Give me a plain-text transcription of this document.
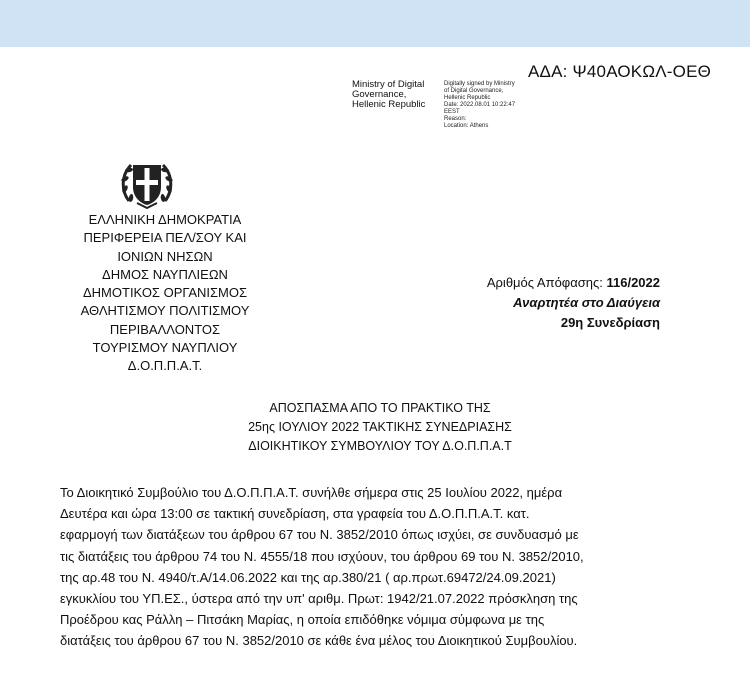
ΑΔΑ: Ψ40ΑΟΚΩΛ-ΟΕΘ
Ministry of Digital
Governance,
Hellenic Republic
Digitally signed by Ministry
of Digital Governance,
Hellenic Republic
Date: 2022.08.01 10:22:47
EEST
Reason:
Location: Athens
ΕΛΛΗΝΙΚΗ ΔΗΜΟΚΡΑΤΙΑ
ΠΕΡΙΦΕΡΕΙΑ ΠΕΛ/ΣΟΥ ΚΑΙ
ΙΟΝΙΩΝ ΝΗΣΩΝ
ΔΗΜΟΣ ΝΑΥΠΛΙΕΩΝ
ΔΗΜΟΤΙΚΟΣ ΟΡΓΑΝΙΣΜΟΣ
ΑΘΛΗΤΙΣΜΟΥ ΠΟΛΙΤΙΣΜΟΥ
ΠΕΡΙΒΑΛΛΟΝΤΟΣ
ΤΟΥΡΙΣΜΟΥ ΝΑΥΠΛΙΟΥ
Δ.Ο.Π.Π.Α.Τ.
Αριθμός Απόφασης: 116/2022
Αναρτητέα στο Διαύγεια
29η Συνεδρίαση
ΑΠΟΣΠΑΣΜΑ ΑΠΟ ΤΟ ΠΡΑΚΤΙΚΟ ΤΗΣ
25ης ΙΟΥΛΙΟΥ 2022 ΤΑΚΤΙΚΗΣ ΣΥΝΕΔΡΙΑΣΗΣ
ΔΙΟΙΚΗΤΙΚΟΥ ΣΥΜΒΟΥΛΙΟΥ ΤΟΥ Δ.Ο.Π.Π.Α.Τ
Το Διοικητικό Συμβούλιο του Δ.Ο.Π.Π.Α.Τ. συνήλθε σήμερα στις 25 Ιουλίου 2022, ημέρα
Δευτέρα και ώρα 13:00 σε τακτική συνεδρίαση, στα γραφεία του Δ.Ο.Π.Π.Α.Τ. κατ.
εφαρμογή των διατάξεων του άρθρου 67 του Ν. 3852/2010 όπως ισχύει, σε συνδυασμό με
τις διατάξεις του άρθρου 74 του Ν. 4555/18 που ισχύουν, του άρθρου 69 του Ν. 3852/2010,
της αρ.48 του Ν. 4940/τ.Α/14.06.2022 και της αρ.380/21 ( αρ.πρωτ.69472/24.09.2021)
εγκυκλίου του ΥΠ.ΕΣ., ύστερα από την υπ' αριθμ. Πρωτ: 1942/21.07.2022 πρόσκληση της
Προέδρου κας Ράλλη – Πιτσάκη Μαρίας, η οποία επιδόθηκε νόμιμα σύμφωνα με της
διατάξεις του άρθρου 67 του Ν. 3852/2010 σε κάθε ένα μέλος του Διοικητικού Συμβουλίου.
